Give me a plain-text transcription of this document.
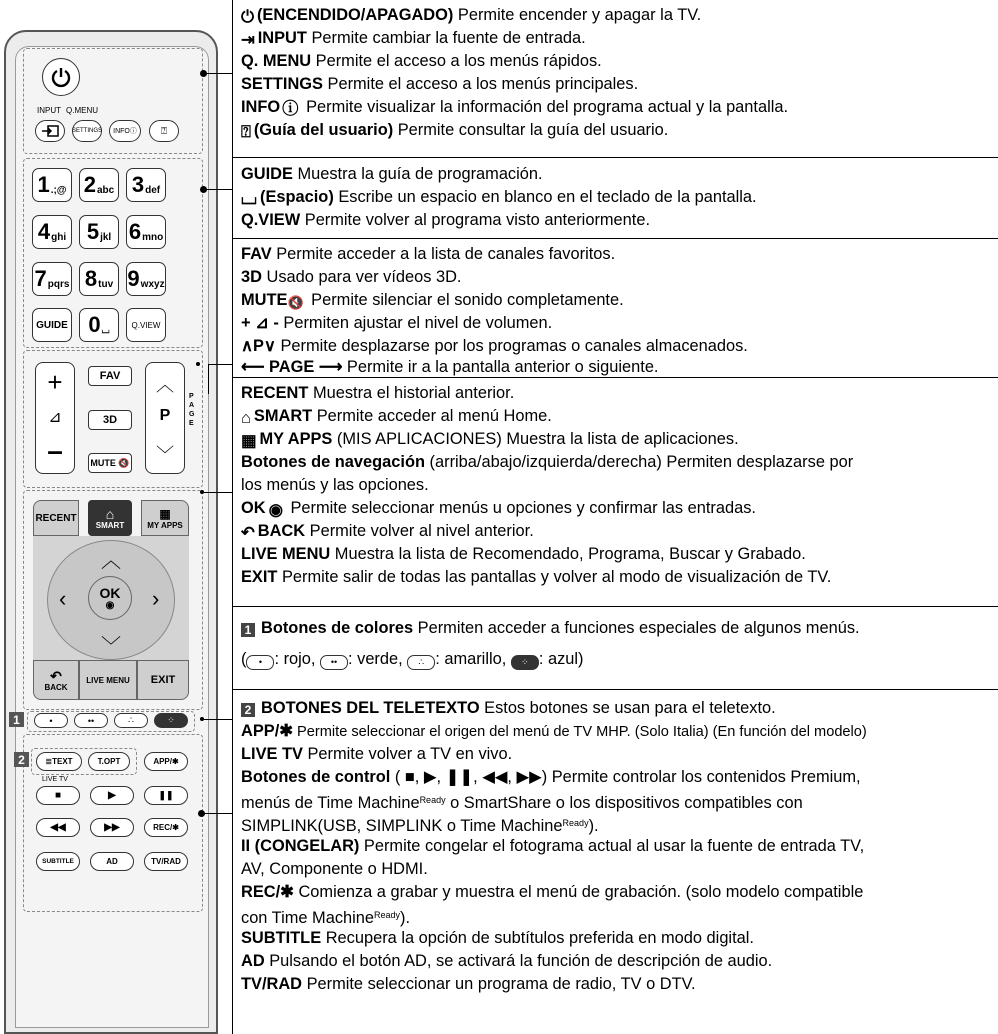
INPUT Q.MENU
SETTINGS INFO ⓘ	⍰
1 .;@ 2 abc 3 def
4 ghi 5 jkl 6 mno
7 pqrs 8 tuv 9 wxyz
GUIDE 0 ⌴	Q.VIEW
+
⊿
–
FAV
3D
MUTE
🔇
︿
P
﹀
P
A
G
E
RECENT ⌂
SMART
▦
MY APPS
︿
﹀
‹	›
OK
◉
↶
BACK
LIVE MENU EXIT
1	•	••	∴	⁘
2	≣ TEXT	T.OPT	APP/✱
LIVE TV
■	▶	❚❚
◀◀	▶▶	REC/✱
SUBTITLE	AD	TV/RAD
⏻ (ENCENDIDO/APAGADO) Permite encender y apagar la TV.
⇥ INPUT Permite cambiar la fuente de entrada.
Q. MENU Permite el acceso a los menús rápidos.
SETTINGS Permite el acceso a los menús principales.
INFO ⓘ Permite visualizar la información del programa actual y la pantalla.
⍰ (Guía del usuario) Permite consultar la guía del usuario.
GUIDE Muestra la guía de programación.
⌴ (Espacio) Escribe un espacio en blanco en el teclado de la pantalla.
Q.VIEW Permite volver al programa visto anteriormente.
FAV Permite acceder a la lista de canales favoritos.
3D Usado para ver vídeos 3D.
MUTE🔇 Permite silenciar el sonido completamente.
+ ⊿ - Permiten ajustar el nivel de volumen.
∧P∨ Permite desplazarse por los programas o canales almacenados.
⟵ PAGE ⟶ Permite ir a la pantalla anterior o siguiente.
RECENT Muestra el historial anterior.
⌂ SMART Permite acceder al menú Home.
▦ MY APPS (MIS APLICACIONES) Muestra la lista de aplicaciones.
Botones de navegación (arriba/abajo/izquierda/derecha) Permiten desplazarse por
los menús y las opciones.
OK ◉ Permite seleccionar menús u opciones y confirmar las entradas.
↶ BACK Permite volver al nivel anterior.
LIVE MENU Muestra la lista de Recomendado, Programa, Buscar y Grabado.
EXIT Permite salir de todas las pantallas y volver al modo de visualización de TV.
1 Botones de colores Permiten acceder a funciones especiales de algunos menús.
( • : rojo, •• : verde, ∴ : amarillo, ⁘ : azul)
2 BOTONES DEL TELETEXTO Estos botones se usan para el teletexto.
APP/✱ Permite seleccionar el origen del menú de TV MHP. (Solo Italia) (En función del modelo)
LIVE TV Permite volver a TV en vivo.
Botones de control ( ■, ▶, ❚❚, ◀◀, ▶▶) Permite controlar los contenidos Premium,
menús de Time Machine$^{Ready}$ o SmartShare o los dispositivos compatibles con
SIMPLINK(USB, SIMPLINK o Time Machine$^{Ready}$).
II (CONGELAR) Permite congelar el fotograma actual al usar la fuente de entrada TV,
AV, Componente o HDMI.
REC/✱ Comienza a grabar y muestra el menú de grabación. (solo modelo compatible
con Time Machine$^{Ready}$).
SUBTITLE Recupera la opción de subtítulos preferida en modo digital.
AD Pulsando el botón AD, se activará la función de descripción de audio.
TV/RAD Permite seleccionar un programa de radio, TV o DTV.
